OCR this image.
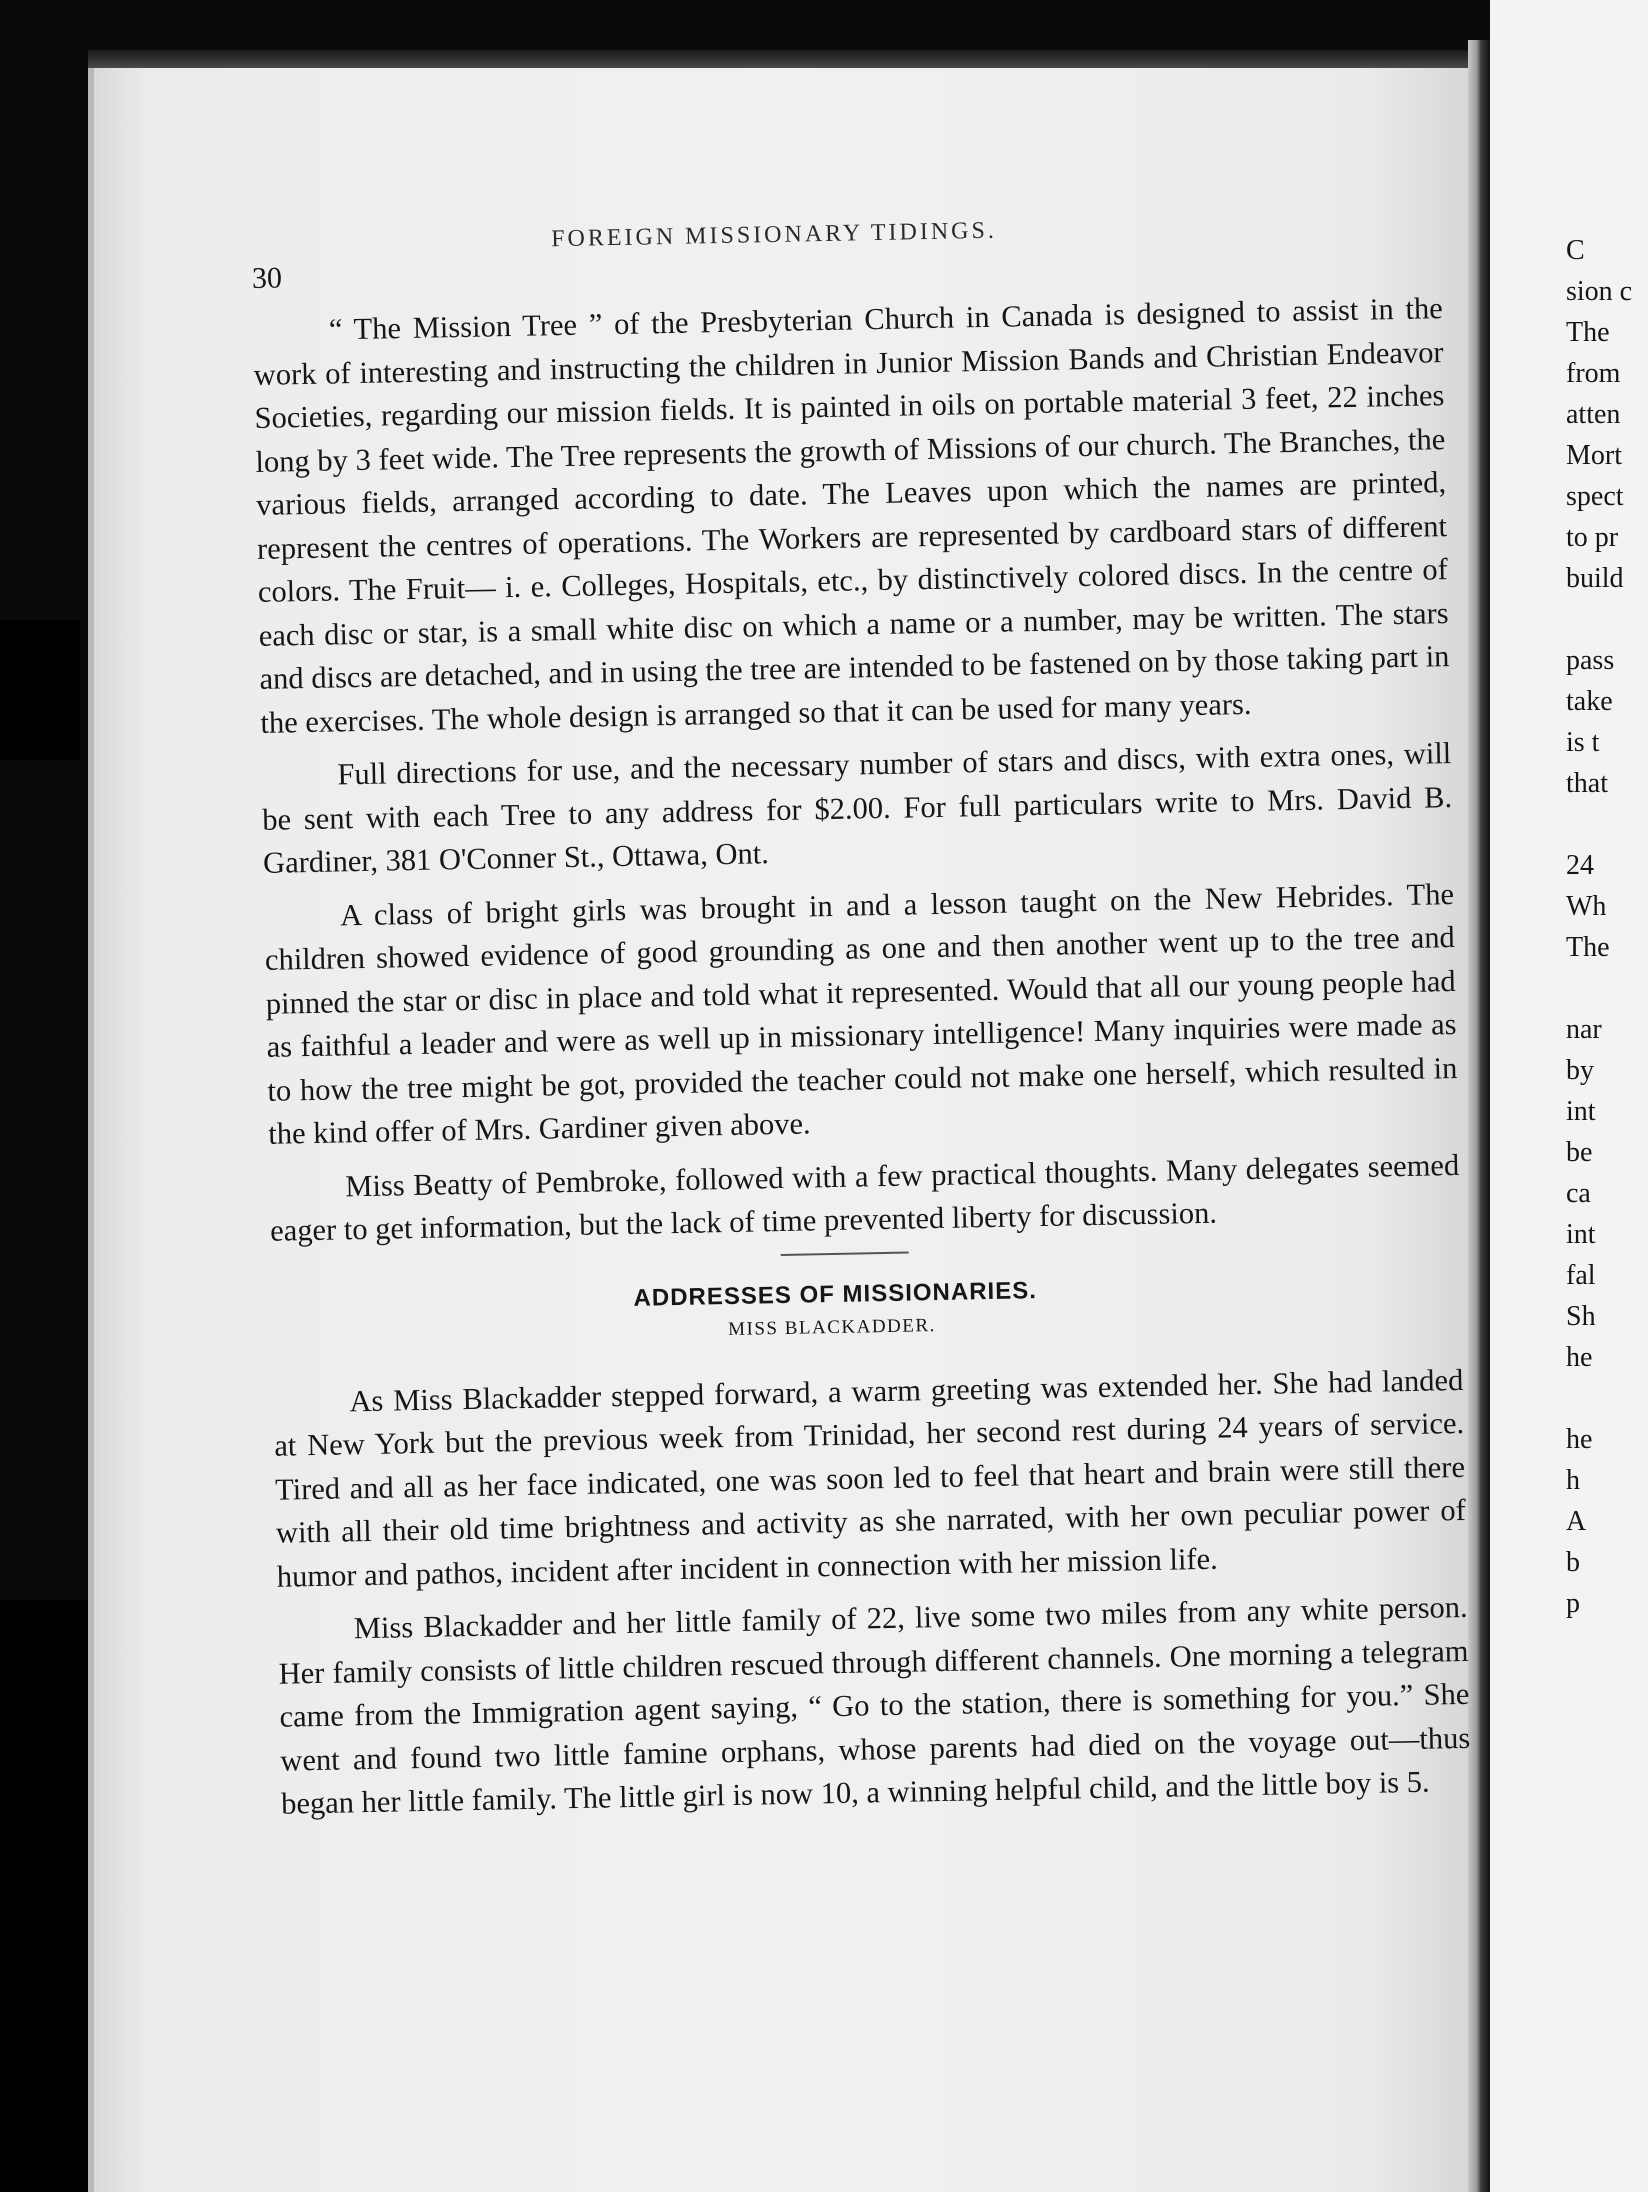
30
FOREIGN MISSIONARY TIDINGS.

“ The Mission Tree ” of the Presbyterian Church in Canada is designed to assist in the work of interesting and instructing the children in Junior Mission Bands and Christian Endeavor Societies, regarding our mission fields. It is painted in oils on portable material 3 feet, 22 inches long by 3 feet wide. The Tree represents the growth of Missions of our church. The Branches, the various fields, arranged according to date. The Leaves upon which the names are printed, represent the centres of operations. The Workers are represented by cardboard stars of different colors. The Fruit— i. e. Colleges, Hospitals, etc., by distinctively colored discs. In the centre of each disc or star, is a small white disc on which a name or a number, may be written. The stars and discs are detached, and in using the tree are intended to be fastened on by those taking part in the exercises. The whole design is arranged so that it can be used for many years.

Full directions for use, and the necessary number of stars and discs, with extra ones, will be sent with each Tree to any address for $2.00. For full particulars write to Mrs. David B. Gardiner, 381 O'Conner St., Ottawa, Ont.

A class of bright girls was brought in and a lesson taught on the New Hebrides. The children showed evidence of good grounding as one and then another went up to the tree and pinned the star or disc in place and told what it represented. Would that all our young people had as faithful a leader and were as well up in missionary intelligence! Many inquiries were made as to how the tree might be got, provided the teacher could not make one herself, which resulted in the kind offer of Mrs. Gardiner given above.

Miss Beatty of Pembroke, followed with a few practical thoughts. Many delegates seemed eager to get information, but the lack of time prevented liberty for discussion.

ADDRESSES OF MISSIONARIES.
MISS BLACKADDER.

As Miss Blackadder stepped forward, a warm greeting was extended her. She had landed at New York but the previous week from Trinidad, her second rest during 24 years of service. Tired and all as her face indicated, one was soon led to feel that heart and brain were still there with all their old time brightness and activity as she narrated, with her own peculiar power of humor and pathos, incident after incident in connection with her mission life.

Miss Blackadder and her little family of 22, live some two miles from any white person. Her family consists of little children rescued through different channels. One morning a telegram came from the Immigration agent saying, “ Go to the station, there is something for you.” She went and found two little famine orphans, whose parents had died on the voyage out—thus began her little family. The little girl is now 10, a winning helpful child, and the little boy is 5.

C
sion c
The
from
atten
Mort
spect
to pr
build

pass
take
is t
that

24
Wh
The

nar
by
int
be
ca
int
fal
Sh
he

he
h
A
b
p
